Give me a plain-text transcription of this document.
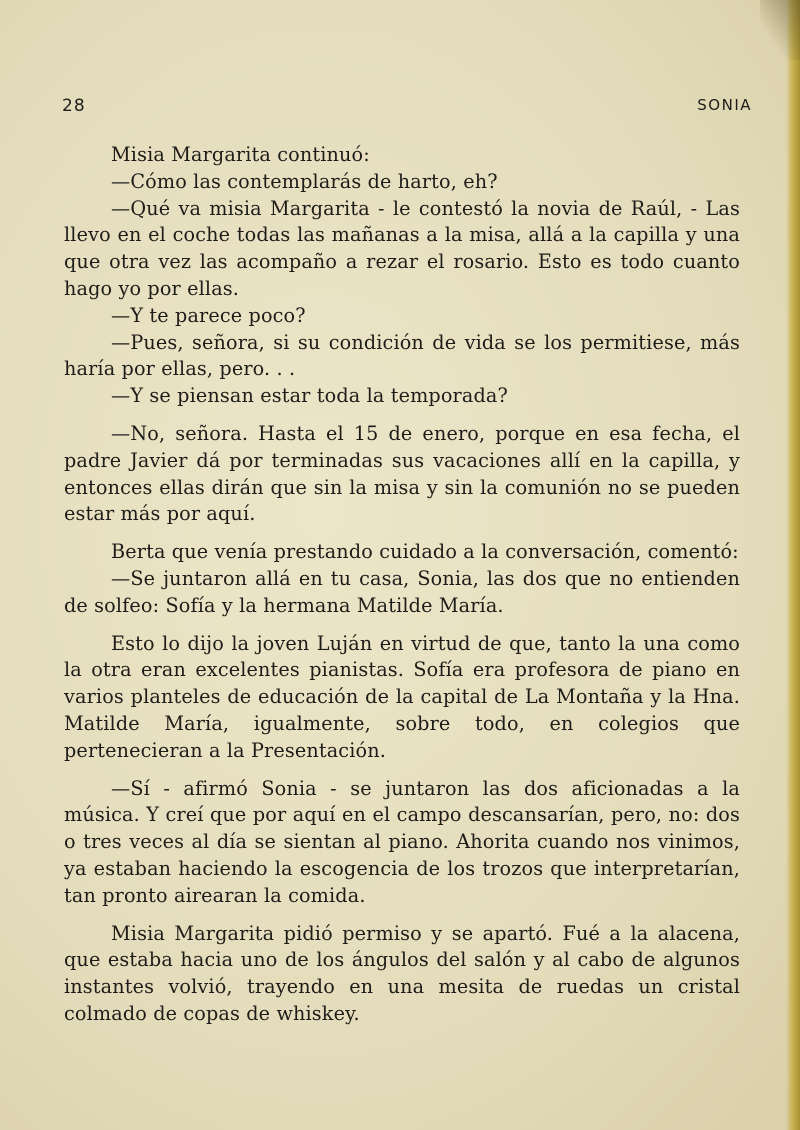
28	SONIA

Misia Margarita continuó:

—Cómo las contemplarás de harto, eh?

—Qué va misia Margarita - le contestó la novia de Raúl, - Las llevo en el coche todas las mañanas a la misa, allá a la capilla y una que otra vez las acompaño a rezar el rosario. Esto es todo cuanto hago yo por ellas.

—Y te parece poco?

—Pues, señora, si su condición de vida se los permitiese, más haría por ellas, pero. . .

—Y se piensan estar toda la temporada?

—No, señora. Hasta el 15 de enero, porque en esa fecha, el padre Javier dá por terminadas sus vacaciones allí en la capilla, y entonces ellas dirán que sin la misa y sin la comunión no se pueden estar más por aquí.

Berta que venía prestando cuidado a la conversación, comentó:

—Se juntaron allá en tu casa, Sonia, las dos que no entienden de solfeo: Sofía y la hermana Matilde María.

Esto lo dijo la joven Luján en virtud de que, tanto la una como la otra eran excelentes pianistas. Sofía era profesora de piano en varios planteles de educación de la capital de La Montaña y la Hna. Matilde María, igualmente, sobre todo, en colegios que pertenecieran a la Presentación.

—Sí - afirmó Sonia - se juntaron las dos aficionadas a la música. Y creí que por aquí en el campo descansarían, pero, no: dos o tres veces al día se sientan al piano. Ahorita cuando nos vinimos, ya estaban haciendo la escogencia de los trozos que interpretarían, tan pronto airearan la comida.

Misia Margarita pidió permiso y se apartó. Fué a la alacena, que estaba hacia uno de los ángulos del salón y al cabo de algunos instantes volvió, trayendo en una mesita de ruedas un cristal colmado de copas de whiskey.
